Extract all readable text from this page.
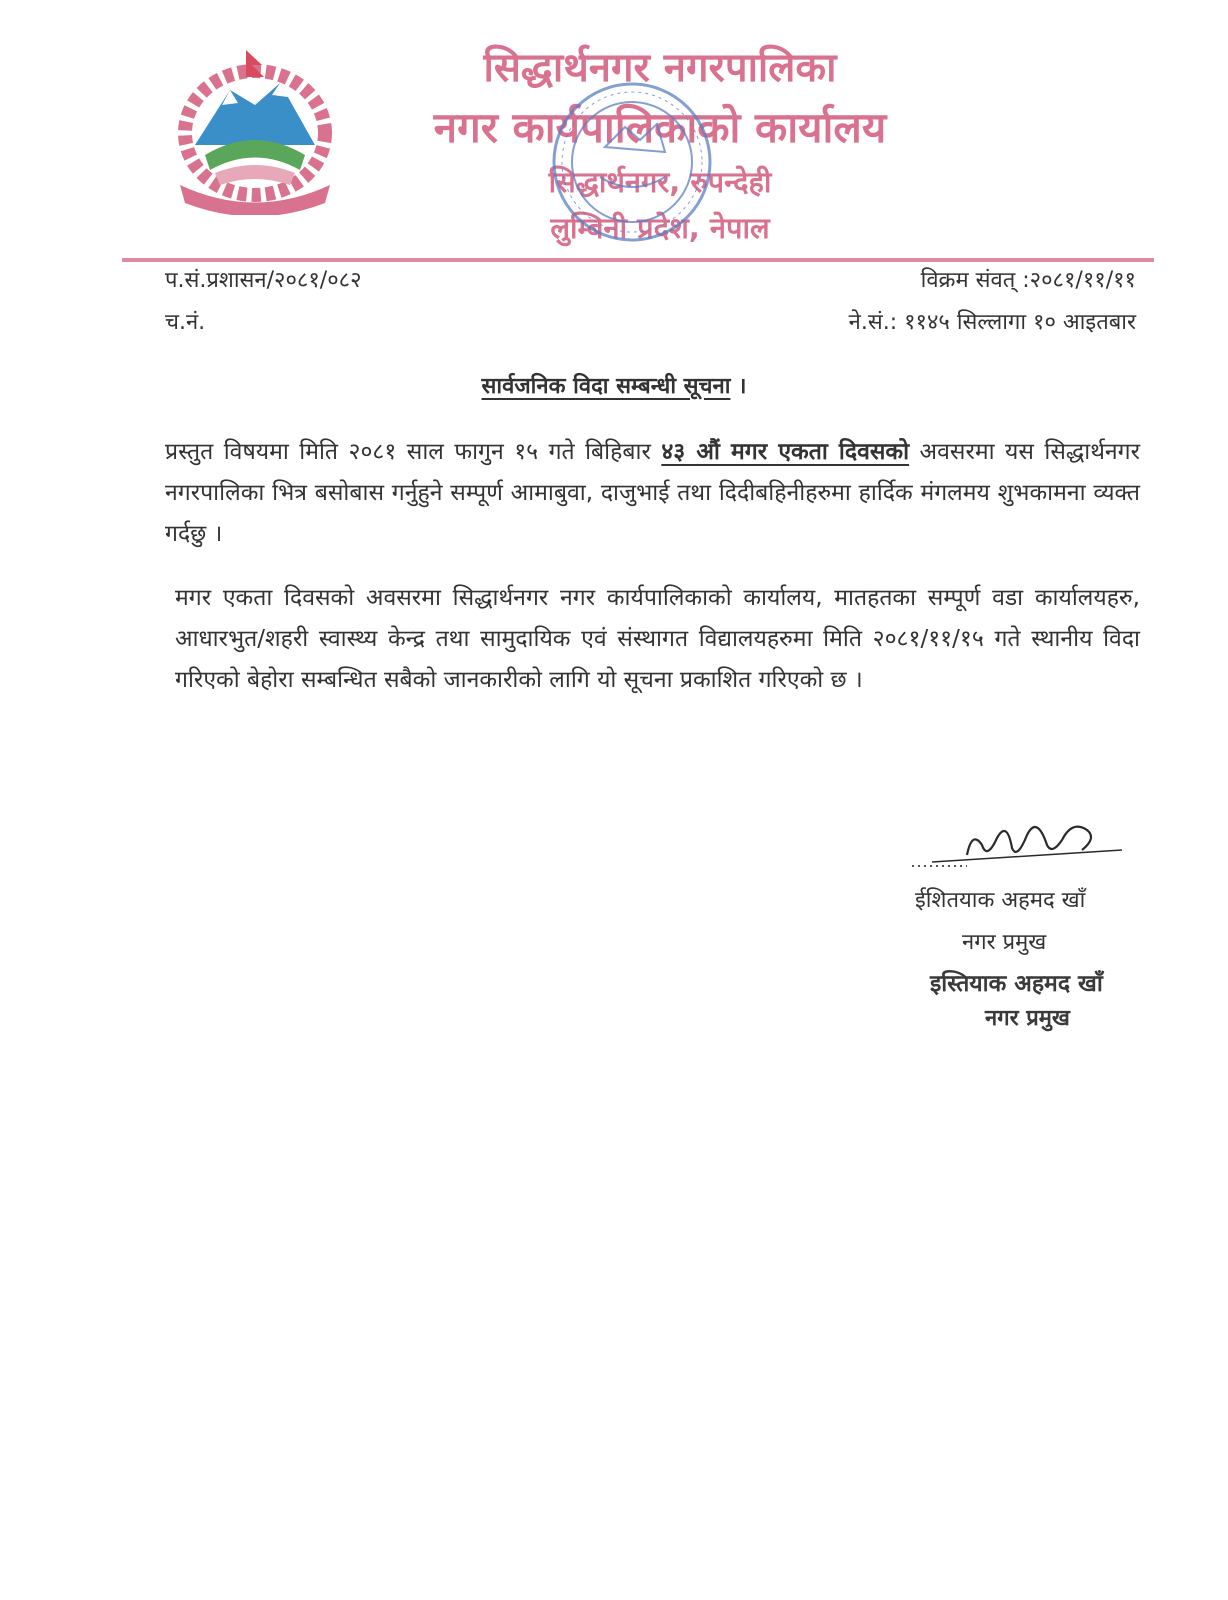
सिद्धार्थनगर नगरपालिका
नगर कार्यपालिकाको कार्यालय
सिद्धार्थनगर, रुपन्देही
लुम्बिनी प्रदेश, नेपाल
प.सं.प्रशासन/२०८१/०८२
च.नं.
विक्रम संवत् :२०८१/११/११
ने.सं.: ११४५ सिल्लागा १० आइतबार
सार्वजनिक विदा सम्बन्धी सूचना ।
प्रस्तुत विषयमा मिति २०८१ साल फागुन १५ गते बिहिबार ४३ औं मगर एकता दिवसको अवसरमा यस सिद्धार्थनगर नगरपालिका भित्र बसोबास गर्नुहुने सम्पूर्ण आमाबुवा, दाजुभाई तथा दिदीबहिनीहरुमा हार्दिक मंगलमय शुभकामना व्यक्त गर्दछु ।
मगर एकता दिवसको अवसरमा सिद्धार्थनगर नगर कार्यपालिकाको कार्यालय, मातहतका सम्पूर्ण वडा कार्यालयहरु, आधारभुत/शहरी स्वास्थ्य केन्द्र तथा सामुदायिक एवं संस्थागत विद्यालयहरुमा मिति २०८१/११/१५ गते स्थानीय विदा गरिएको बेहोरा सम्बन्धित सबैको जानकारीको लागि यो सूचना प्रकाशित गरिएको छ ।
ईशितयाक अहमद खाँ
नगर प्रमुख
इस्तियाक अहमद खाँ
नगर प्रमुख
